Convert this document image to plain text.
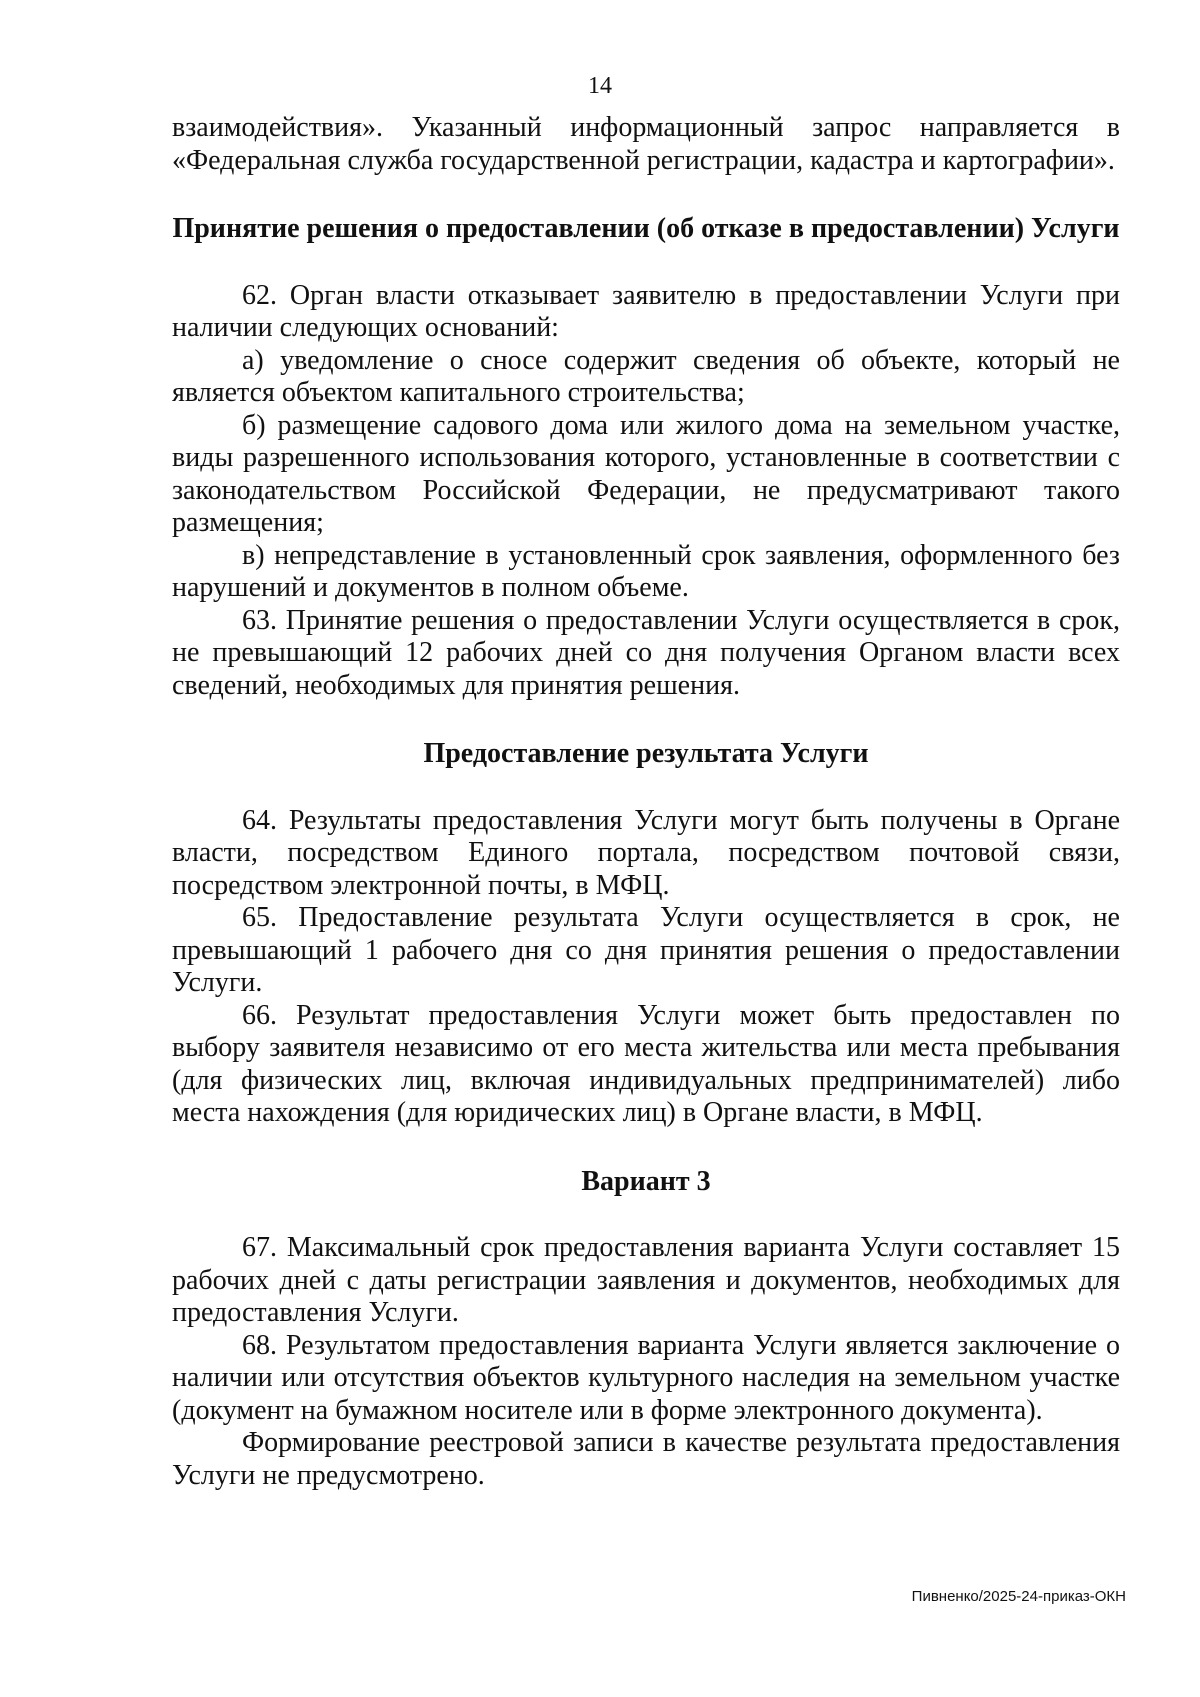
14

взаимодействия». Указанный информационный запрос направляется в «Федеральная служба государственной регистрации, кадастра и картографии».

Принятие решения о предоставлении (об отказе в предоставлении) Услуги

62. Орган власти отказывает заявителю в предоставлении Услуги при наличии следующих оснований:

а) уведомление о сносе содержит сведения об объекте, который не является объектом капитального строительства;

б) размещение садового дома или жилого дома на земельном участке, виды разрешенного использования которого, установленные в соответствии с законодательством Российской Федерации, не предусматривают такого размещения;

в) непредставление в установленный срок заявления, оформленного без нарушений и документов в полном объеме.

63. Принятие решения о предоставлении Услуги осуществляется в срок, не превышающий 12 рабочих дней со дня получения Органом власти всех сведений, необходимых для принятия решения.

Предоставление результата Услуги

64. Результаты предоставления Услуги могут быть получены в Органе власти, посредством Единого портала, посредством почтовой связи, посредством электронной почты, в МФЦ.

65. Предоставление результата Услуги осуществляется в срок, не превышающий 1 рабочего дня со дня принятия решения о предоставлении Услуги.

66. Результат предоставления Услуги может быть предоставлен по выбору заявителя независимо от его места жительства или места пребывания (для физических лиц, включая индивидуальных предпринимателей) либо места нахождения (для юридических лиц) в Органе власти, в МФЦ.

Вариант 3

67. Максимальный срок предоставления варианта Услуги составляет 15 рабочих дней с даты регистрации заявления и документов, необходимых для предоставления Услуги.

68. Результатом предоставления варианта Услуги является заключение о наличии или отсутствия объектов культурного наследия на земельном участке (документ на бумажном носителе или в форме электронного документа).

Формирование реестровой записи в качестве результата предоставления Услуги не предусмотрено.

Пивненко/2025-24-приказ-ОКН
